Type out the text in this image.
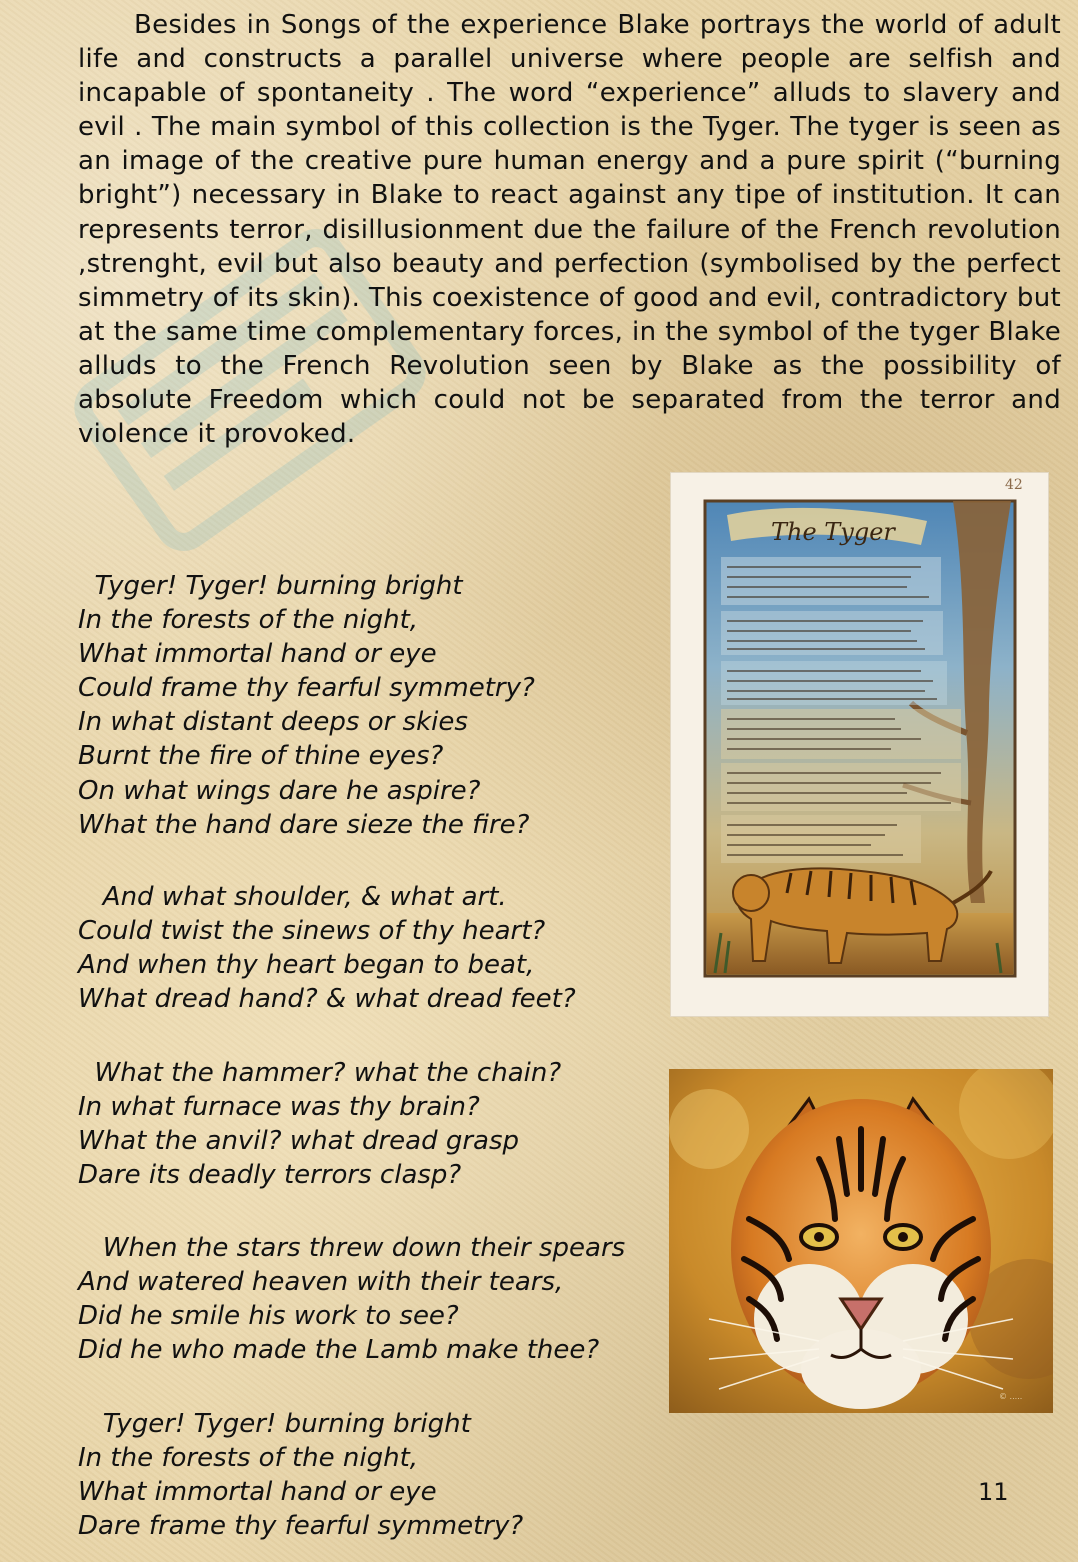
Besides in Songs of the experience Blake portrays the world of adult life and constructs a parallel universe where people are selfish and incapable of spontaneity . The word “experience” alluds to slavery and evil . The main symbol of this collection is the Tyger. The tyger is seen as an image of the creative pure human energy and a pure spirit (“burning bright”) necessary in Blake to react against any tipe of institution. It can represents terror, disillusionment due the failure of the French revolution ,strenght, evil but also beauty and perfection (symbolised by the perfect simmetry of its skin). This coexistence of good and evil, contradictory but at the same time complementary forces, in the symbol of the tyger Blake alluds to the French Revolution seen by Blake as the possibility of absolute Freedom which could not be separated from the terror and violence it provoked.

Tyger! Tyger! burning bright
In the forests of the night,
What immortal hand or eye
Could frame thy fearful symmetry?
In what distant deeps or skies
Burnt the fire of thine eyes?
On what wings dare he aspire?
What the hand dare sieze the fire?
And what shoulder, & what art.
Could twist the sinews of thy heart?
And when thy heart began to beat,
What dread hand? & what dread feet?
What the hammer? what the chain?
In what furnace was thy brain?
What the anvil? what dread grasp
Dare its deadly terrors clasp?
When the stars threw down their spears
And watered heaven with their tears,
Did he smile his work to see?
Did he who made the Lamb make thee?
Tyger! Tyger! burning bright
In the forests of the night,
What immortal hand or eye
Dare frame thy fearful symmetry?
42
The Tyger
© .....
11
